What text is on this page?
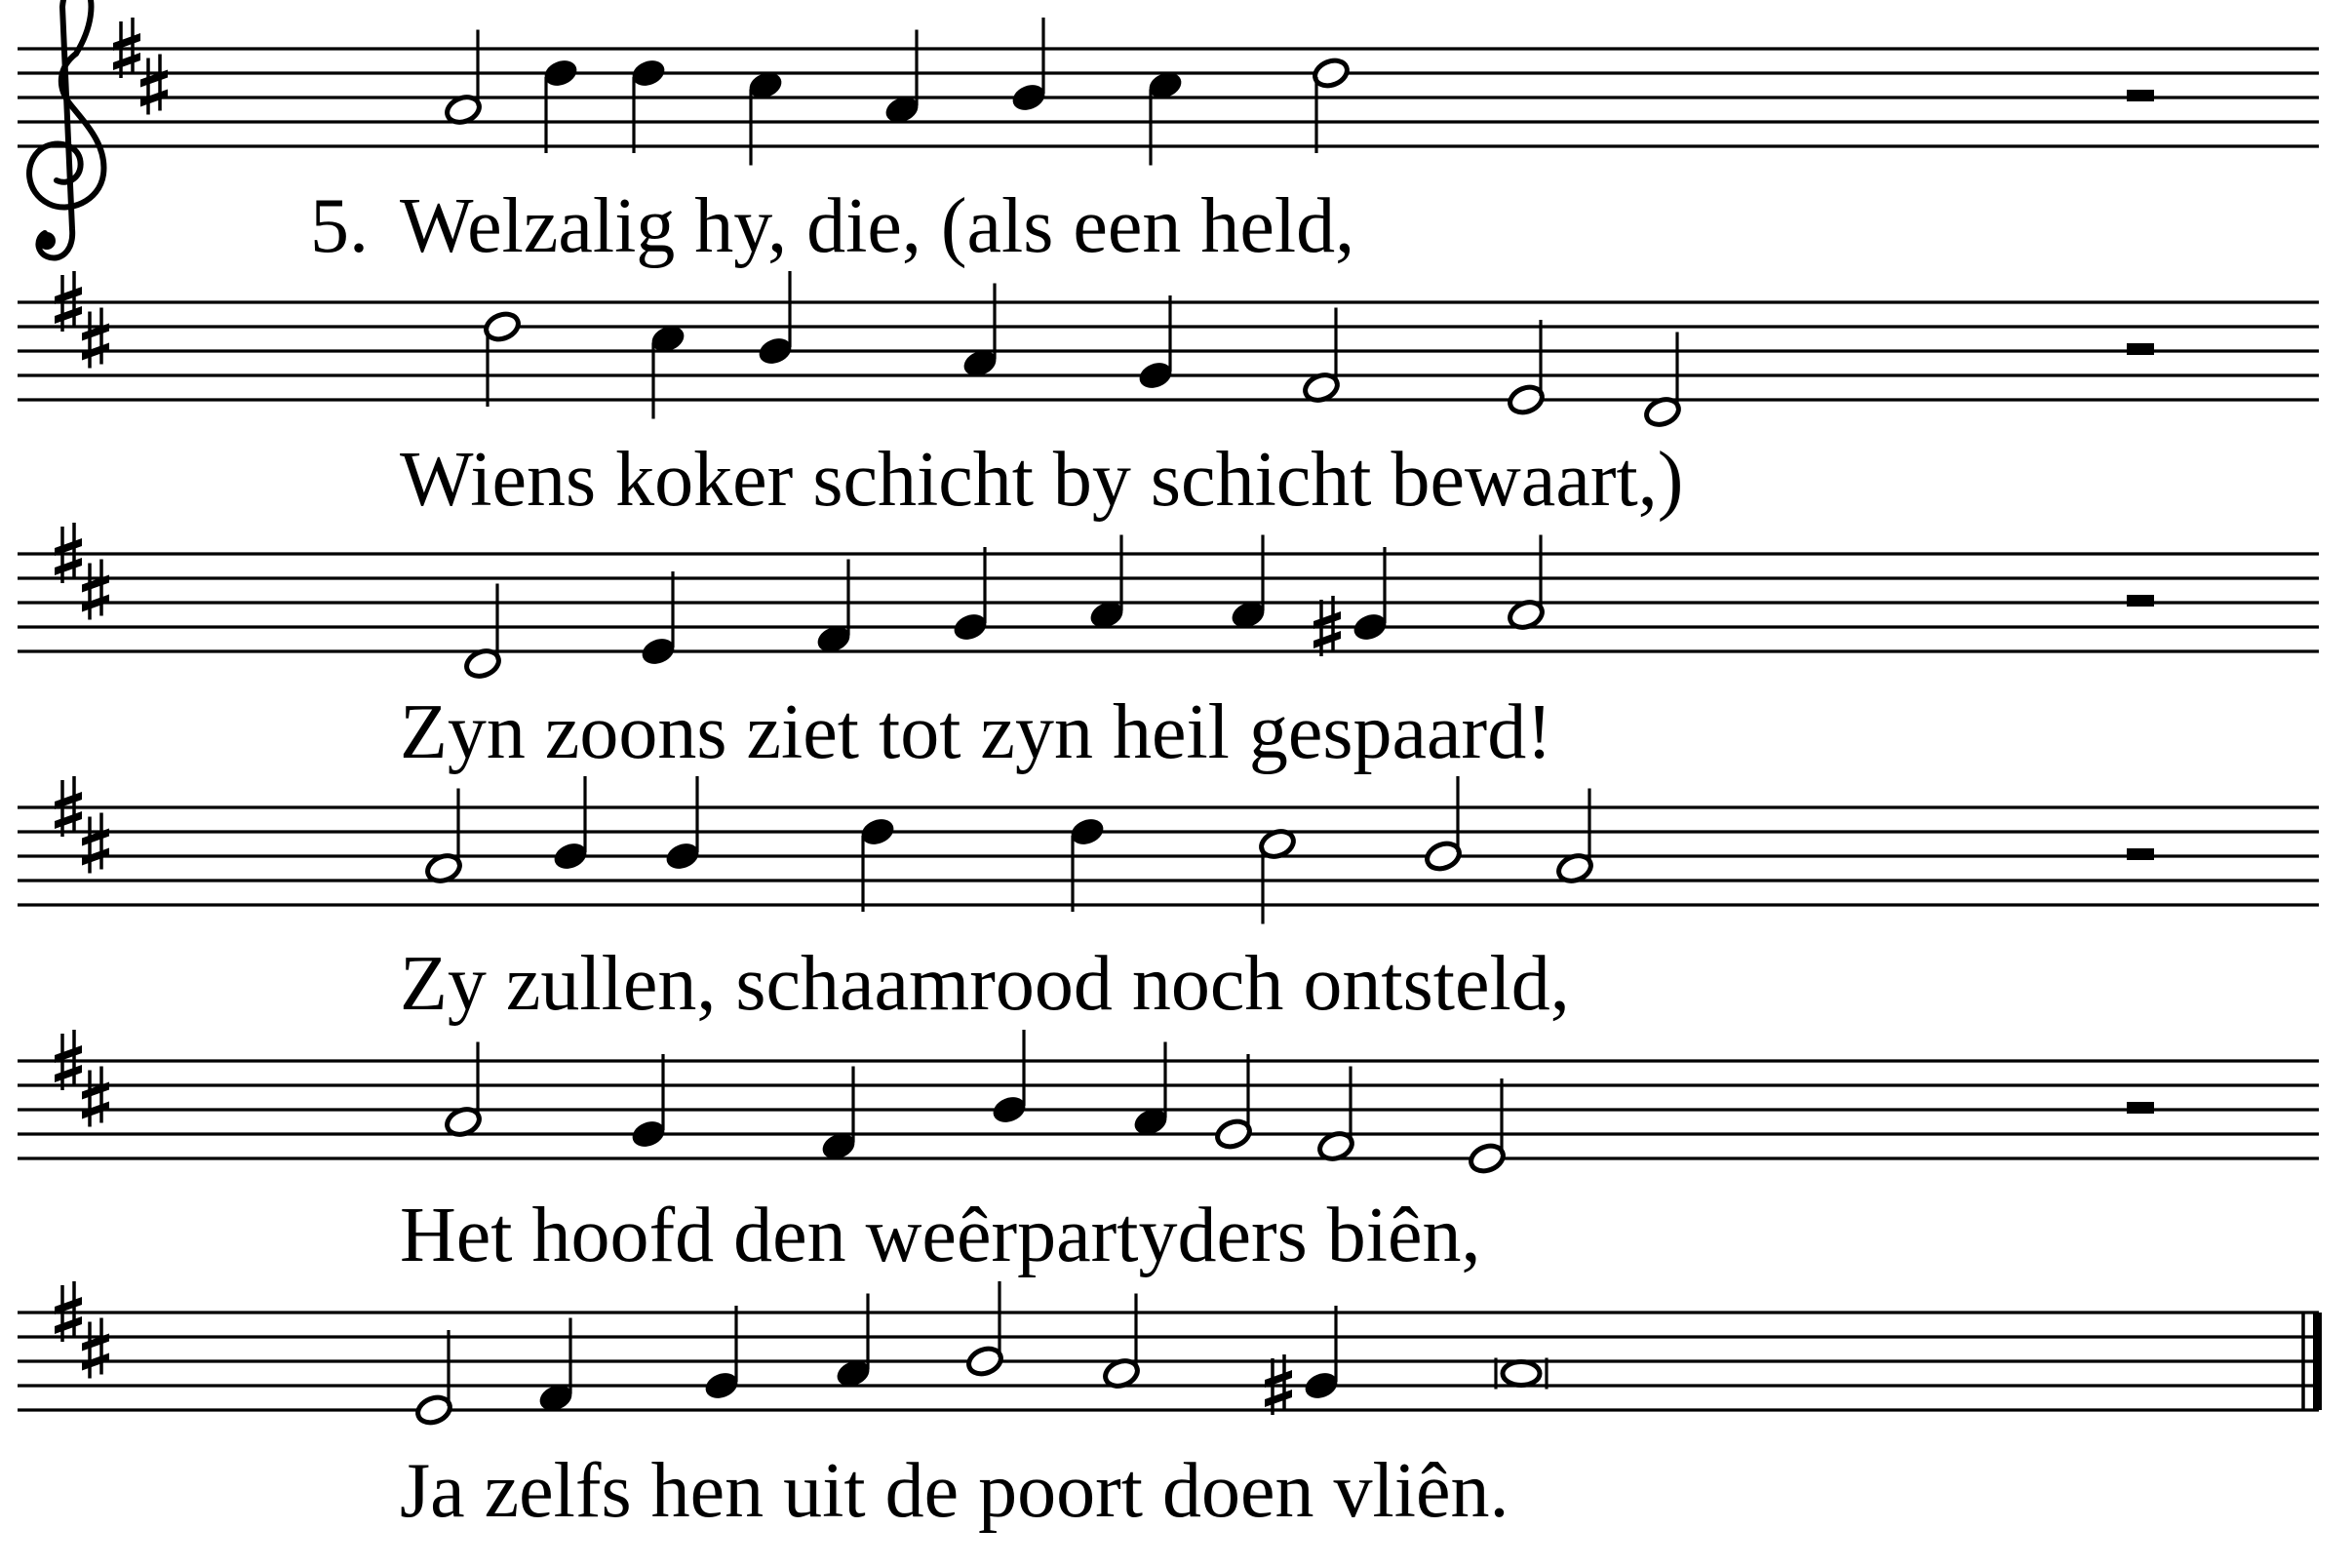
5. Welzalig hy, die, (als een held,
Wiens koker schicht by schicht bewaart,)
Zyn zoons ziet tot zyn heil gespaard!
Zy zullen, schaamrood noch ontsteld,
Het hoofd den weêrpartyders biên,
Ja zelfs hen uit de poort doen vliên.
